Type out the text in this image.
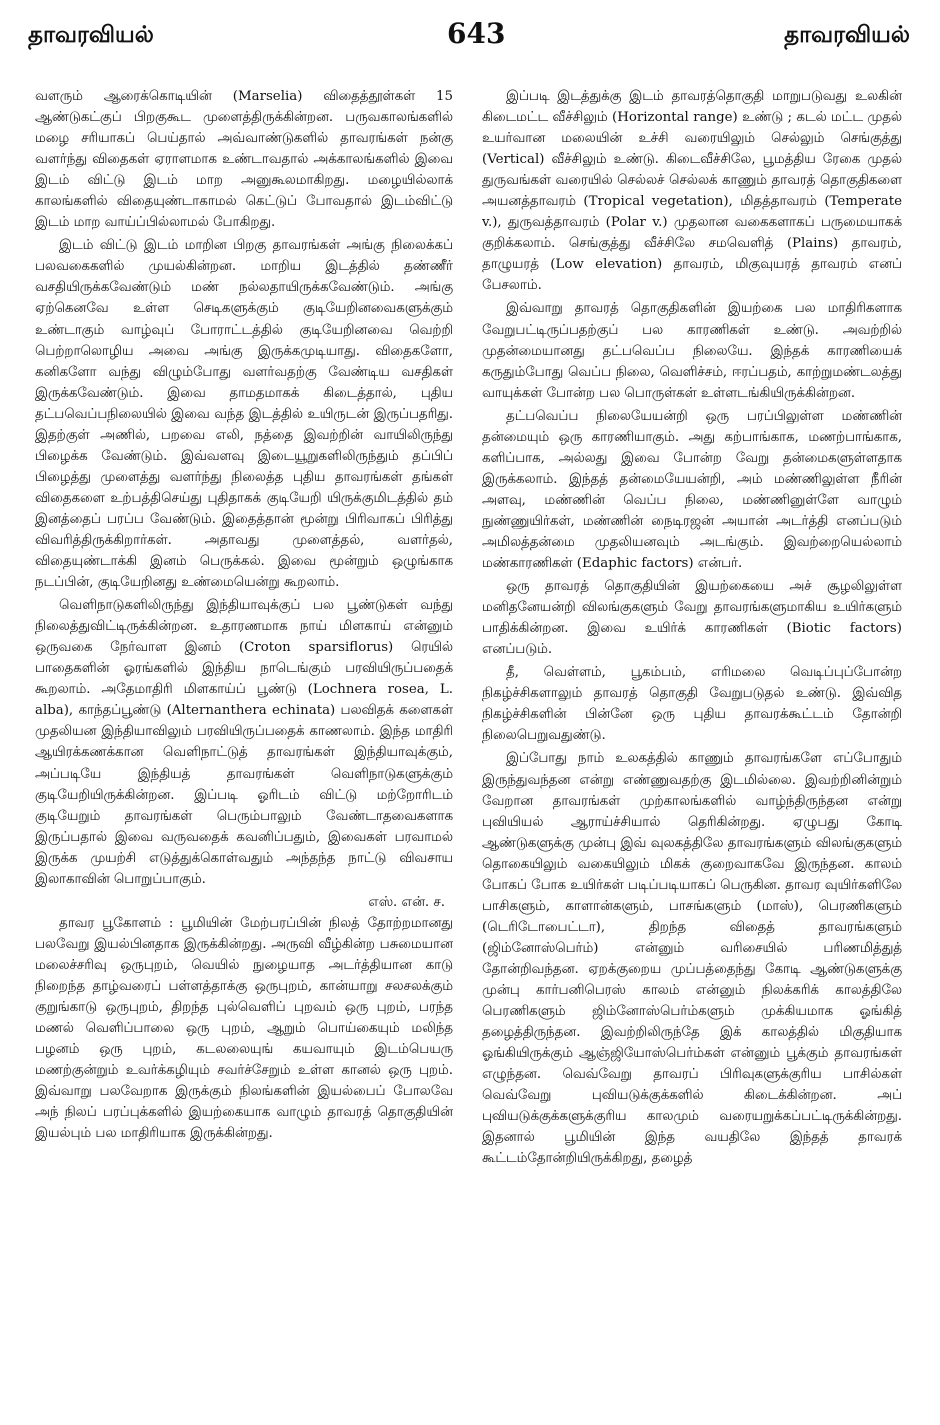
தாவரவியல்	643	தாவரவியல்

வளரும் ஆரைக்கொடியின் (Marselia) விதைத்தூள்கள் 15 ஆண்டுகட்குப் பிறகுகூட முளைத்திருக்கின்றன. பருவகாலங்களில் மழை சரியாகப் பெய்தால் அவ்வாண்டுகளில் தாவரங்கள் நன்கு வளர்ந்து விதைகள் ஏராளமாக உண்டாவதால் அக்காலங்களில் இவை இடம் விட்டு இடம் மாற அனுகூலமாகிறது. மழையில்லாக் காலங்களில் விதையுண்டாகாமல் கெட்டுப் போவதால் இடம்விட்டு இடம் மாற வாய்ப்பில்லாமல் போகிறது.

இடம் விட்டு இடம் மாறின பிறகு தாவரங்கள் அங்கு நிலைக்கப் பலவகைகளில் முயல்கின்றன. மாறிய இடத்தில் தண்ணீர் வசதியிருக்கவேண்டும் மண் நல்லதாயிருக்கவேண்டும். அங்கு ஏற்கெனவே உள்ள செடிகளுக்கும் குடியேறினவைகளுக்கும் உண்டாகும் வாழ்வுப் போராட்டத்தில் குடியேறினவை வெற்றி பெற்றாலொழிய அவை அங்கு இருக்கமுடியாது. விதைகளோ, கனிகளோ வந்து விழும்போது வளர்வதற்கு வேண்டிய வசதிகள் இருக்கவேண்டும். இவை தாமதமாகக் கிடைத்தால், புதிய தட்பவெப்பநிலையில் இவை வந்த இடத்தில் உயிருடன் இருப்பதரிது. இதற்குள் அணில், பறவை எலி, நத்தை இவற்றின் வாயிலிருந்து பிழைக்க வேண்டும். இவ்வளவு இடையூறுகளிலிருந்தும் தப்பிப் பிழைத்து முளைத்து வளர்ந்து நிலைத்த புதிய தாவரங்கள் தங்கள் விதைகளை உற்பத்திசெய்து புதிதாகக் குடியேறி யிருக்குமிடத்தில் தம் இனத்தைப் பரப்ப வேண்டும். இதைத்தான் மூன்று பிரிவாகப் பிரித்து விவரித்திருக்கிறார்கள். அதாவது முளைத்தல், வளர்தல், விதையுண்டாக்கி இனம் பெருக்கல். இவை மூன்றும் ஒழுங்காக நடப்பின், குடியேறினது உண்மையென்று கூறலாம்.

வெளிநாடுகளிலிருந்து இந்தியாவுக்குப் பல பூண்டுகள் வந்து நிலைத்துவிட்டிருக்கின்றன. உதாரணமாக நாய் மிளகாய் என்னும் ஒருவகை நேர்வாள இனம் (Croton sparsiflorus) ரெயில் பாதைகளின் ஓரங்களில் இந்திய நாடெங்கும் பரவியிருப்பதைக் கூறலாம். அதேமாதிரி மிளகாய்ப் பூண்டு (Lochnera rosea, L. alba), காந்தப்பூண்டு (Alternanthera echinata) பலவிதக் களைகள் முதலியன இந்தியாவிலும் பரவியிருப்பதைக் காணலாம். இந்த மாதிரி ஆயிரக்கணக்கான வெளிநாட்டுத் தாவரங்கள் இந்தியாவுக்கும், அப்படியே இந்தியத் தாவரங்கள் வெளிநாடுகளுக்கும் குடியேறியிருக்கின்றன. இப்படி ஓரிடம் விட்டு மற்றோரிடம் குடியேறும் தாவரங்கள் பெரும்பாலும் வேண்டாதவைகளாக இருப்பதால் இவை வருவதைக் கவனிப்பதும், இவைகள் பரவாமல் இருக்க முயற்சி எடுத்துக்கொள்வதும் அந்தந்த நாட்டு விவசாய இலாகாவின் பொறுப்பாகும்.

எஸ். என். ச.

தாவர பூகோளம் : பூமியின் மேற்பரப்பின் நிலத் தோற்றமானது பலவேறு இயல்பினதாக இருக்கின்றது. அருவி வீழ்கின்ற பசுமையான மலைச்சரிவு ஒருபுறம், வெயில் நுழையாத அடர்த்தியான காடு நிறைந்த தாழ்வரைப் பள்ளத்தாக்கு ஒருபுறம், கான்யாறு சலசலக்கும் குறுங்காடு ஒருபுறம், திறந்த புல்வெளிப் புறவம் ஒரு புறம், பரந்த மணல் வெளிப்பாலை ஒரு புறம், ஆறும் பொய்கையும் மலிந்த பழனம் ஒரு புறம், கடலலையுங் கயவாயும் இடம்பெயரு மணற்குன்றும் உவர்க்கழியும் சவர்ச்சேறும் உள்ள கானல் ஒரு புறம். இவ்வாறு பலவேறாக இருக்கும் நிலங்களின் இயல்பைப் போலவே அந் நிலப் பரப்புக்களில் இயற்கையாக வாழும் தாவரத் தொகுதியின் இயல்பும் பல மாதிரியாக இருக்கின்றது.

இப்படி இடத்துக்கு இடம் தாவரத்தொகுதி மாறுபடுவது உலகின் கிடைமட்ட வீச்சிலும் (Horizontal range) உண்டு ; கடல் மட்ட முதல் உயர்வான மலையின் உச்சி வரையிலும் செல்லும் செங்குத்து (Vertical) வீச்சிலும் உண்டு. கிடைவீச்சிலே, பூமத்திய ரேகை முதல் துருவங்கள் வரையில் செல்லச் செல்லக் காணும் தாவரத் தொகுதிகளை அயனத்தாவரம் (Tropical vegetation), மிதத்தாவரம் (Temperate v.), துருவத்தாவரம் (Polar v.) முதலான வகைகளாகப் பருமையாகக் குறிக்கலாம். செங்குத்து வீச்சிலே சமவெளித் (Plains) தாவரம், தாழுயரத் (Low elevation) தாவரம், மிகுவுயரத் தாவரம் எனப் பேசலாம்.

இவ்வாறு தாவரத் தொகுதிகளின் இயற்கை பல மாதிரிகளாக வேறுபட்டிருப்பதற்குப் பல காரணிகள் உண்டு. அவற்றில் முதன்மையானது தட்பவெப்ப நிலையே. இந்தக் காரணியைக் கருதும்போது வெப்ப நிலை, வெளிச்சம், ஈரப்பதம், காற்றுமண்டலத்து வாயுக்கள் போன்ற பல பொருள்கள் உள்ளடங்கியிருக்கின்றன.

தட்பவெப்ப நிலையேயன்றி ஒரு பரப்பிலுள்ள மண்ணின் தன்மையும் ஒரு காரணியாகும். அது கற்பாங்காக, மணற்பாங்காக, களிப்பாக, அல்லது இவை போன்ற வேறு தன்மைகளுள்ளதாக இருக்கலாம். இந்தத் தன்மையேயன்றி, அம் மண்ணிலுள்ள நீரின் அளவு, மண்ணின் வெப்ப நிலை, மண்ணினுள்ளே வாழும் நுண்ணுயிர்கள், மண்ணின் நைடிரஜன் அயான் அடர்த்தி எனப்படும் அமிலத்தன்மை முதலியனவும் அடங்கும். இவற்றையெல்லாம் மண்காரணிகள் (Edaphic factors) என்பர்.

ஒரு தாவரத் தொகுதியின் இயற்கையை அச் சூழலிலுள்ள மனிதனேயன்றி விலங்குகளும் வேறு தாவரங்களுமாகிய உயிர்களும் பாதிக்கின்றன. இவை உயிர்க் காரணிகள் (Biotic factors) எனப்படும்.

தீ, வெள்ளம், பூகம்பம், எரிமலை வெடிப்புப்போன்ற நிகழ்ச்சிகளாலும் தாவரத் தொகுதி வேறுபடுதல் உண்டு. இவ்வித நிகழ்ச்சிகளின் பின்னே ஒரு புதிய தாவரக்கூட்டம் தோன்றி நிலைபெறுவதுண்டு.

இப்போது நாம் உலகத்தில் காணும் தாவரங்களே எப்போதும் இருந்துவந்தன என்று எண்ணுவதற்கு இடமில்லை. இவற்றினின்றும் வேறான தாவரங்கள் முற்காலங்களில் வாழ்ந்திருந்தன என்று புவியியல் ஆராய்ச்சியால் தெரிகின்றது. ஏழுபது கோடி ஆண்டுகளுக்கு முன்பு இவ் வுலகத்திலே தாவரங்களும் விலங்குகளும் தொகையிலும் வகையிலும் மிகக் குறைவாகவே இருந்தன. காலம் போகப் போக உயிர்கள் படிப்படியாகப் பெருகின. தாவர வுயிர்களிலே பாசிகளும், காளான்களும், பாசங்களும் (மாஸ்), பெரணிகளும் (டெரிடோபைட்டா), திறந்த விதைத் தாவரங்களும் (ஜிம்னோஸ்பெர்ம்) என்னும் வரிசையில் பரிணமித்துத் தோன்றிவந்தன. ஏறக்குறைய முப்பத்தைந்து கோடி ஆண்டுகளுக்கு முன்பு கார்பனிபெரஸ் காலம் என்னும் நிலக்கரிக் காலத்திலே பெரணிகளும் ஜிம்னோஸ்பெர்ம்களும் முக்கியமாக ஓங்கித் தழைத்திருந்தன. இவற்றிலிருந்தே இக் காலத்தில் மிகுதியாக ஓங்கியிருக்கும் ஆஞ்ஜியோஸ்பெர்ம்கள் என்னும் பூக்கும் தாவரங்கள் எழுந்தன. வெவ்வேறு தாவரப் பிரிவுகளுக்குரிய பாசில்கள் வெவ்வேறு புவியடுக்குக்களில் கிடைக்கின்றன. அப் புவியடுக்குக்களுக்குரிய காலமும் வரையறுக்கப்பட்டிருக்கின்றது. இதனால் பூமியின் இந்த வயதிலே இந்தத் தாவரக் கூட்டம்தோன்றியிருக்கிறது, தழைத்
